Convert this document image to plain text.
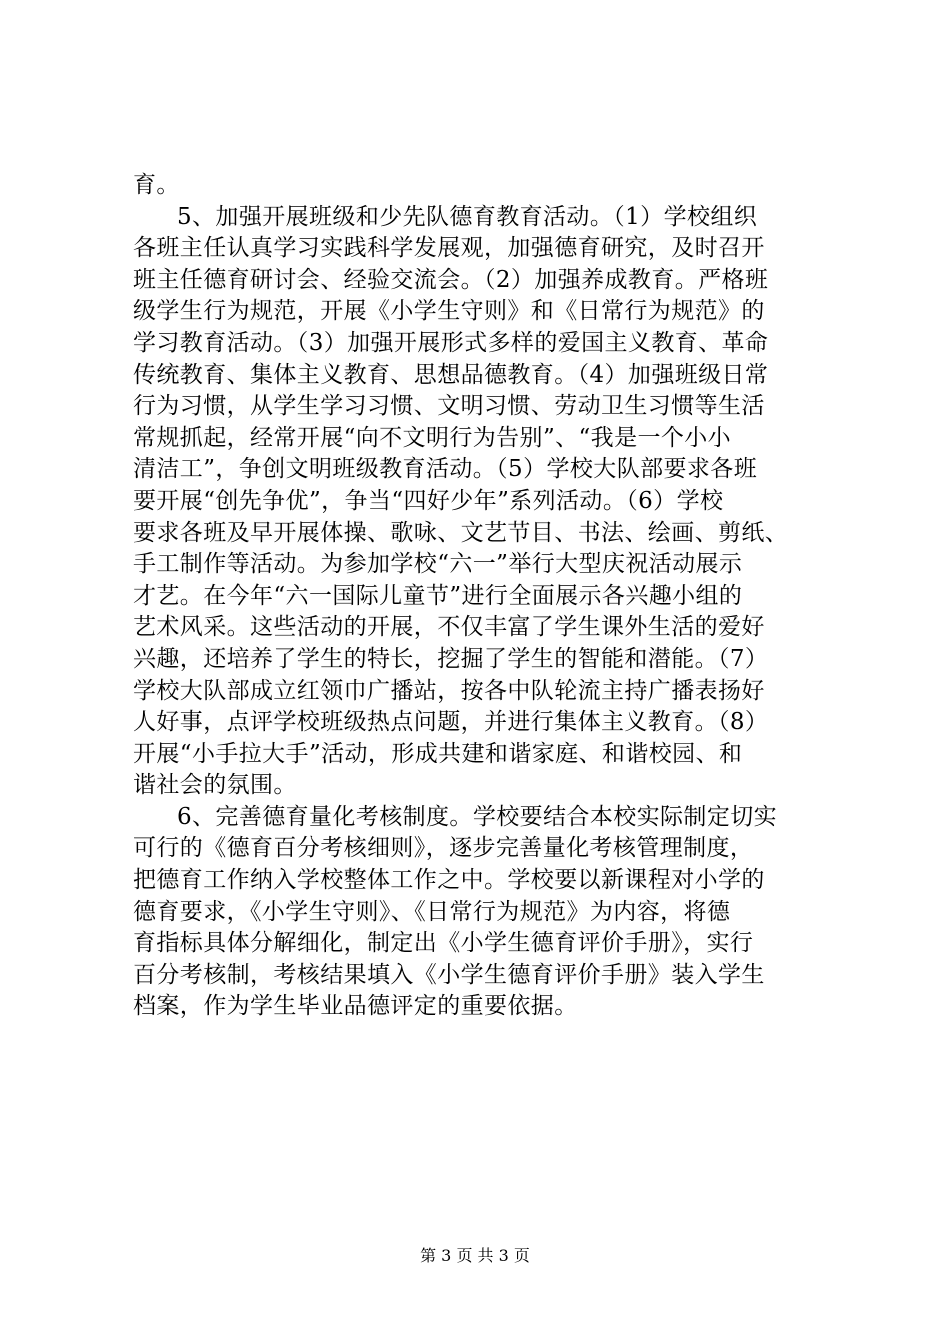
育。
5、加强开展班级和少先队德育教育活动。（1）学校组织
各班主任认真学习实践科学发展观，加强德育研究，及时召开
班主任德育研讨会、经验交流会。（2）加强养成教育。严格班
级学生行为规范，开展《小学生守则》和《日常行为规范》的
学习教育活动。（3）加强开展形式多样的爱国主义教育、革命
传统教育、集体主义教育、思想品德教育。（4）加强班级日常
行为习惯，从学生学习习惯、文明习惯、劳动卫生习惯等生活
常规抓起，经常开展“向不文明行为告别”、“我是一个小小
清洁工”，争创文明班级教育活动。（5）学校大队部要求各班
要开展“创先争优”，争当“四好少年”系列活动。（6）学校
要求各班及早开展体操、歌咏、文艺节目、书法、绘画、剪纸、
手工制作等活动。为参加学校“六一”举行大型庆祝活动展示
才艺。在今年“六一国际儿童节”进行全面展示各兴趣小组的
艺术风采。这些活动的开展，不仅丰富了学生课外生活的爱好
兴趣，还培养了学生的特长，挖掘了学生的智能和潜能。（7）
学校大队部成立红领巾广播站，按各中队轮流主持广播表扬好
人好事，点评学校班级热点问题，并进行集体主义教育。（8）
开展“小手拉大手”活动，形成共建和谐家庭、和谐校园、和
谐社会的氛围。
6、完善德育量化考核制度。学校要结合本校实际制定切实
可行的《德育百分考核细则》，逐步完善量化考核管理制度，
把德育工作纳入学校整体工作之中。学校要以新课程对小学的
德育要求，《小学生守则》、《日常行为规范》为内容，将德
育指标具体分解细化，制定出《小学生德育评价手册》，实行
百分考核制，考核结果填入《小学生德育评价手册》装入学生
档案，作为学生毕业品德评定的重要依据。
第 3 页 共 3 页
